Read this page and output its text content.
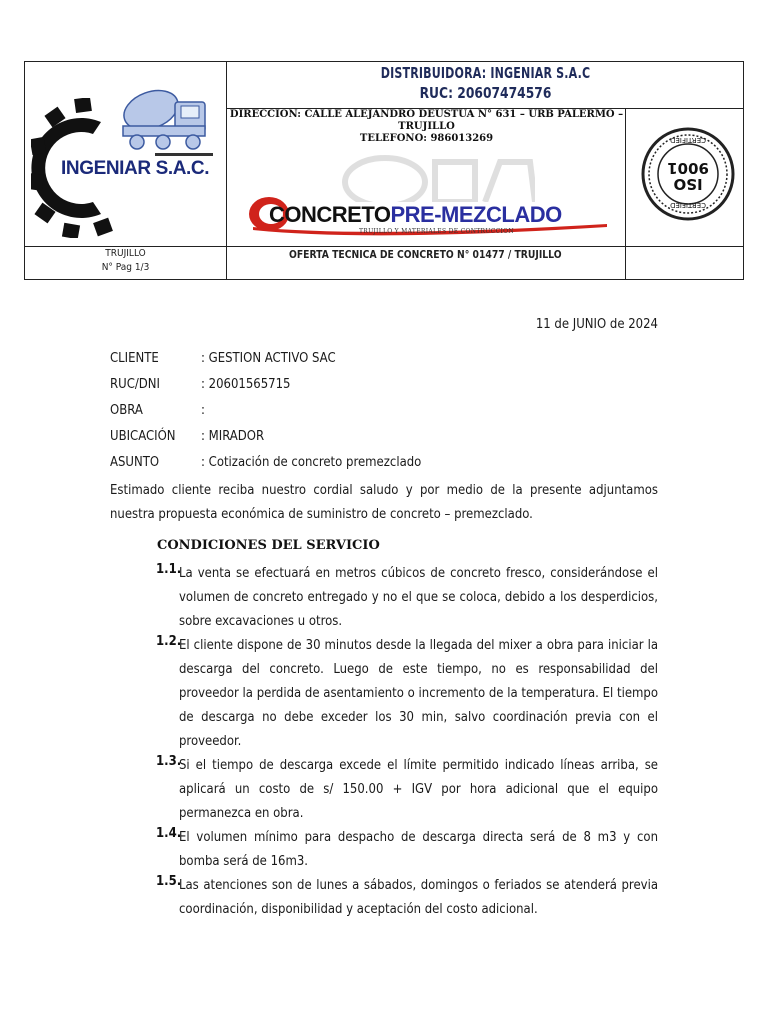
INGENIAR S.A.C.
DISTRIBUIDORA: INGENIAR S.A.C
RUC: 20607474576
DIRECCION: CALLE ALEJANDRO DEUSTUA N° 631 – URB PALERMO –
TRUJILLO
TELEFONO: 986013269
CONCRETOPRE-MEZCLADO
TRUJILLO Y MATERIALES DE CONTRUCCION
ISO
9001
CERTIFIED
CERTIFIED
TRUJILLO
N° Pag 1/3
OFERTA TECNICA DE CONCRETO N° 01477 / TRUJILLO
11 de JUNIO de 2024
CLIENTE	: GESTION ACTIVO SAC
RUC/DNI	: 20601565715
OBRA	:
UBICACIÓN	: MIRADOR
ASUNTO	: Cotización de concreto premezclado
Estimado cliente reciba nuestro cordial saludo y por medio de la presente adjuntamos nuestra propuesta económica de suministro de concreto – premezclado.
CONDICIONES DEL SERVICIO
1.1.
La venta se efectuará en metros cúbicos de concreto fresco, considerándose el volumen de concreto entregado y no el que se coloca, debido a los desperdicios, sobre excavaciones u otros.
1.2.
El cliente dispone de 30 minutos desde la llegada del mixer a obra para iniciar la descarga del concreto. Luego de este tiempo, no es responsabilidad del proveedor la perdida de asentamiento o incremento de la temperatura. El tiempo de descarga no debe exceder los 30 min, salvo coordinación previa con el proveedor.
1.3.
Si el tiempo de descarga excede el límite permitido indicado líneas arriba, se aplicará un costo de s/ 150.00 + IGV por hora adicional que el equipo permanezca en obra.
1.4.
El volumen mínimo para despacho de descarga directa será de 8 m3 y con bomba será de 16m3.
1.5.
Las atenciones son de lunes a sábados, domingos o feriados se atenderá previa coordinación, disponibilidad y aceptación del costo adicional.
